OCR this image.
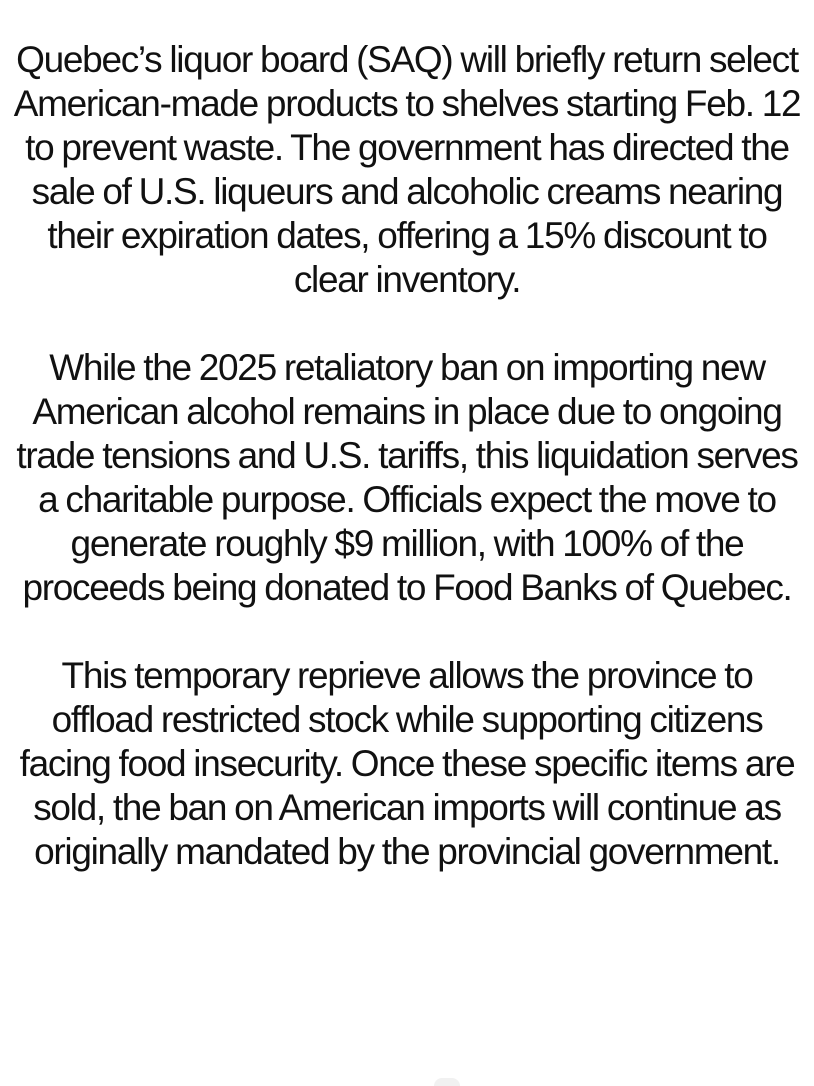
Quebec’s liquor board (SAQ) will briefly return select American-made products to shelves starting Feb. 12 to prevent waste. The government has directed the sale of U.S. liqueurs and alcoholic creams nearing their expiration dates, offering a 15% discount to clear inventory.

While the 2025 retaliatory ban on importing new American alcohol remains in place due to ongoing trade tensions and U.S. tariffs, this liquidation serves a charitable purpose. Officials expect the move to generate roughly $9 million, with 100% of the proceeds being donated to Food Banks of Quebec.

This temporary reprieve allows the province to offload restricted stock while supporting citizens facing food insecurity. Once these specific items are sold, the ban on American imports will continue as originally mandated by the provincial government.
